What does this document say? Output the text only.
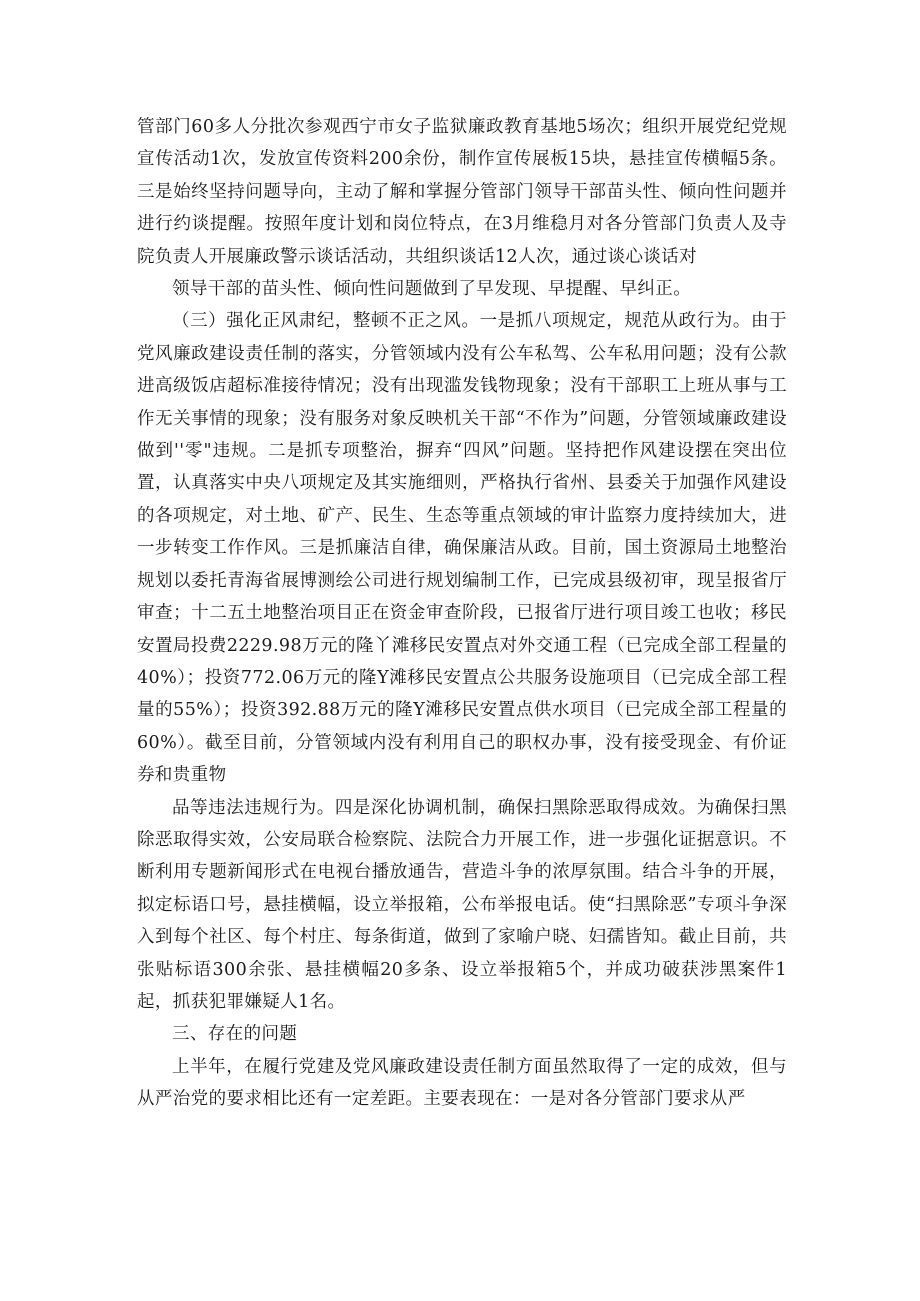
管部门60多人分批次参观西宁市女子监狱廉政教育基地5场次；组织开展党纪党规宣传活动1次，发放宣传资料200余份，制作宣传展板15块，悬挂宣传横幅5条。三是始终坚持问题导向，主动了解和掌握分管部门领导干部苗头性、倾向性问题并进行约谈提醒。按照年度计划和岗位特点，在3月维稳月对各分管部门负责人及寺院负责人开展廉政警示谈话活动，共组织谈话12人次，通过谈心谈话对

领导干部的苗头性、倾向性问题做到了早发现、早提醒、早纠正。

（三）强化正风肃纪，整顿不正之风。一是抓八项规定，规范从政行为。由于党风廉政建设责任制的落实，分管领域内没有公车私驾、公车私用问题；没有公款进高级饭店超标准接待情况；没有出现滥发钱物现象；没有干部职工上班从事与工作无关事情的现象；没有服务对象反映机关干部“不作为”问题，分管领域廉政建设做到''零"违规。二是抓专项整治，摒弃“四风”问题。坚持把作风建设摆在突出位置，认真落实中央八项规定及其实施细则，严格执行省州、县委关于加强作风建设的各项规定，对土地、矿产、民生、生态等重点领域的审计监察力度持续加大，进一步转变工作作风。三是抓廉洁自律，确保廉洁从政。目前，国土资源局土地整治规划以委托青海省展博测绘公司进行规划编制工作，已完成县级初审，现呈报省厅审查；十二五土地整治项目正在资金审查阶段，已报省厅进行项目竣工也收；移民安置局投费2229.98万元的隆丫滩移民安置点对外交通工程（已完成全部工程量的40%）；投资772.06万元的隆Y滩移民安置点公共服务设施项目（已完成全部工程量的55%）；投资392.88万元的隆Y滩移民安置点供水项目（已完成全部工程量的60%）。截至目前，分管领域内没有利用自己的职权办事，没有接受现金、有价证券和贵重物

品等违法违规行为。四是深化协调机制，确保扫黑除恶取得成效。为确保扫黑除恶取得实效，公安局联合检察院、法院合力开展工作，进一步强化证据意识。不断利用专题新闻形式在电视台播放通告，营造斗争的浓厚氛围。结合斗争的开展，拟定标语口号，悬挂横幅，设立举报箱，公布举报电话。使“扫黑除恶”专项斗争深入到每个社区、每个村庄、每条街道，做到了家喻户晓、妇孺皆知。截止目前，共张贴标语300余张、悬挂横幅20多条、设立举报箱5个，并成功破获涉黑案件1起，抓获犯罪嫌疑人1名。

三、存在的问题

上半年，在履行党建及党风廉政建设责任制方面虽然取得了一定的成效，但与从严治党的要求相比还有一定差距。主要表现在：一是对各分管部门要求从严
